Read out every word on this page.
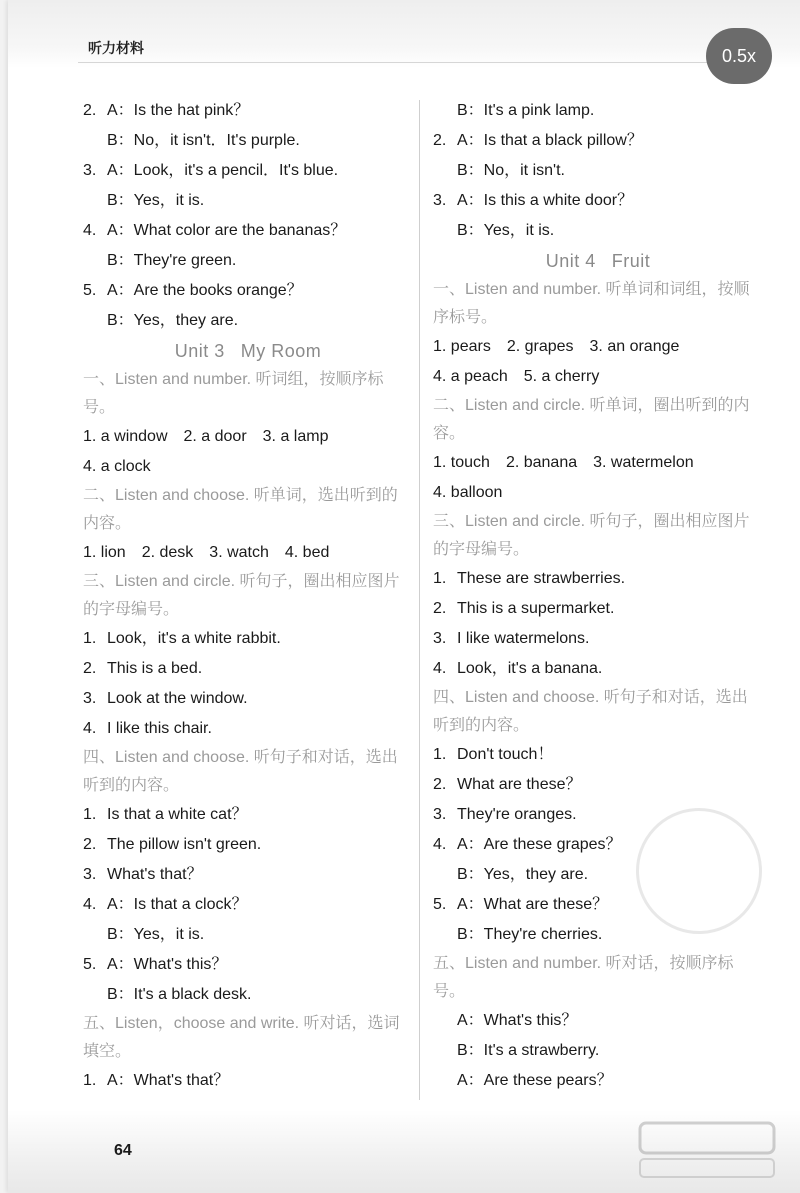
听力材料
2. A：Is the hat pink？
B：No，it isn't．It's purple.
3. A：Look，it's a pencil．It's blue.
B：Yes，it is.
4. A：What color are the bananas？
B：They're green.
5. A：Are the books orange？
B：Yes，they are.
Unit 3 My Room
一、Listen and number. 听词组，按顺序标号。
1. a window 2. a door 3. a lamp
4. a clock
二、Listen and choose. 听单词，选出听到的内容。
1. lion 2. desk 3. watch 4. bed
三、Listen and circle. 听句子，圈出相应图片的字母编号。
1. Look，it's a white rabbit.
2. This is a bed.
3. Look at the window.
4. I like this chair.
四、Listen and choose. 听句子和对话，选出听到的内容。
1. Is that a white cat？
2. The pillow isn't green.
3. What's that？
4. A：Is that a clock？
B：Yes，it is.
5. A：What's this？
B：It's a black desk.
五、Listen，choose and write. 听对话，选词填空。
1. A：What's that？
B：It's a pink lamp.
2. A：Is that a black pillow？
B：No，it isn't.
3. A：Is this a white door？
B：Yes，it is.
Unit 4 Fruit
一、Listen and number. 听单词和词组，按顺序标号。
1. pears 2. grapes 3. an orange
4. a peach 5. a cherry
二、Listen and circle. 听单词，圈出听到的内容。
1. touch 2. banana 3. watermelon
4. balloon
三、Listen and circle. 听句子，圈出相应图片的字母编号。
1. These are strawberries.
2. This is a supermarket.
3. I like watermelons.
4. Look，it's a banana.
四、Listen and choose. 听句子和对话，选出听到的内容。
1. Don't touch！
2. What are these？
3. They're oranges.
4. A：Are these grapes？
B：Yes，they are.
5. A：What are these？
B：They're cherries.
五、Listen and number. 听对话，按顺序标号。
A：What's this？
B：It's a strawberry.
A：Are these pears？
64
0.5x
